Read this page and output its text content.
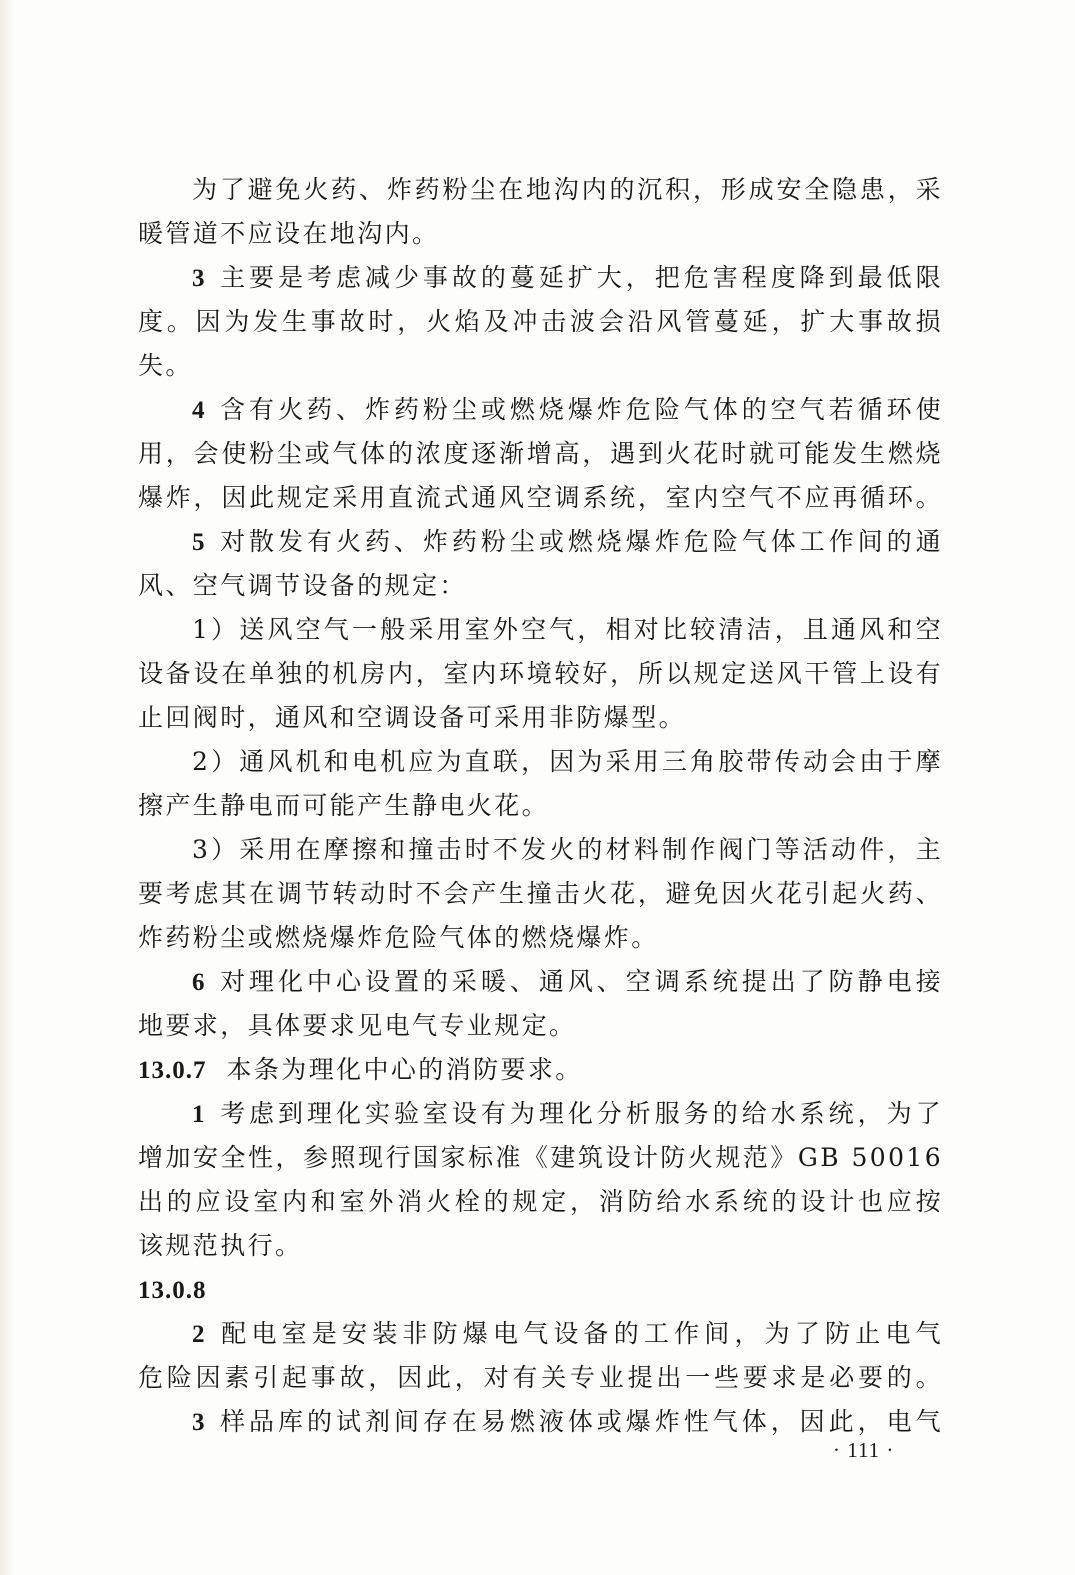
为了避免火药、炸药粉尘在地沟内的沉积，形成安全隐患，采
暖管道不应设在地沟内。
3 主要是考虑减少事故的蔓延扩大，把危害程度降到最低限
度。因为发生事故时，火焰及冲击波会沿风管蔓延，扩大事故损
失。
4 含有火药、炸药粉尘或燃烧爆炸危险气体的空气若循环使
用，会使粉尘或气体的浓度逐渐增高，遇到火花时就可能发生燃烧
爆炸，因此规定采用直流式通风空调系统，室内空气不应再循环。
5 对散发有火药、炸药粉尘或燃烧爆炸危险气体工作间的通
风、空气调节设备的规定：
1）送风空气一般采用室外空气，相对比较清洁，且通风和空
设备设在单独的机房内，室内环境较好，所以规定送风干管上设有
止回阀时，通风和空调设备可采用非防爆型。
2）通风机和电机应为直联，因为采用三角胶带传动会由于摩
擦产生静电而可能产生静电火花。
3）采用在摩擦和撞击时不发火的材料制作阀门等活动件，主
要考虑其在调节转动时不会产生撞击火花，避免因火花引起火药、
炸药粉尘或燃烧爆炸危险气体的燃烧爆炸。
6 对理化中心设置的采暖、通风、空调系统提出了防静电接
地要求，具体要求见电气专业规定。
13.0.7 本条为理化中心的消防要求。
1 考虑到理化实验室设有为理化分析服务的给水系统，为了
增加安全性，参照现行国家标准《建筑设计防火规范》GB 50016
出的应设室内和室外消火栓的规定，消防给水系统的设计也应按
该规范执行。
13.0.8
2 配电室是安装非防爆电气设备的工作间，为了防止电气
危险因素引起事故，因此，对有关专业提出一些要求是必要的。
3 样品库的试剂间存在易燃液体或爆炸性气体，因此，电气
· 111 ·
